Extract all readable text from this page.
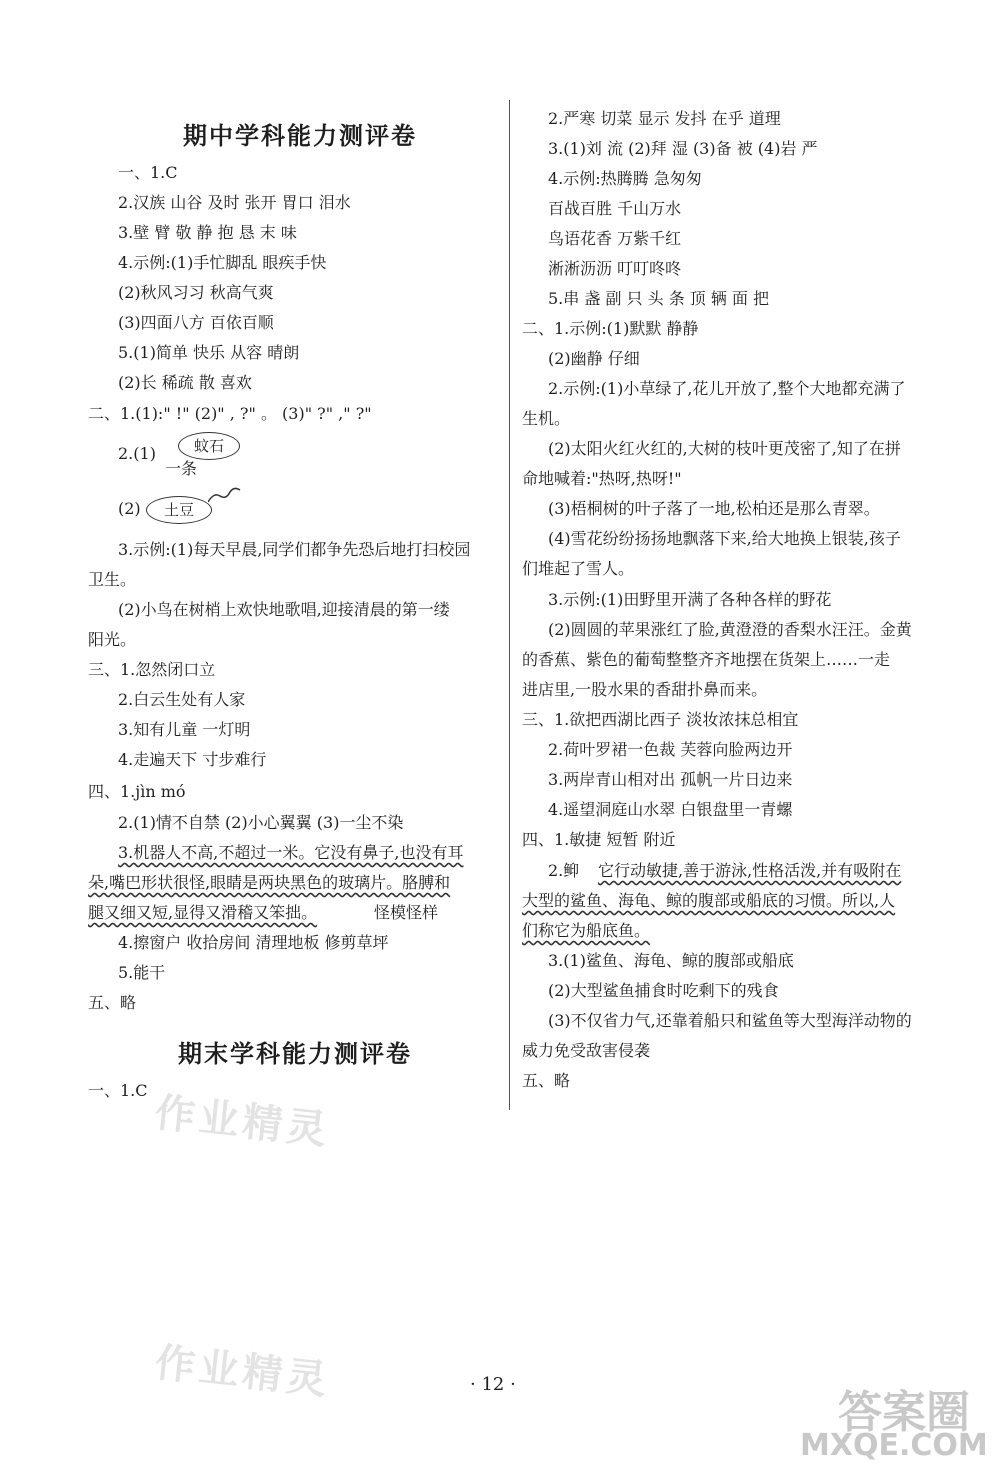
期中学科能力测评卷
一、1.C
2.汉族 山谷 及时 张开 胃口 泪水
3.壁 臂 敬 静 抱 恳 末 味
4.示例:(1)手忙脚乱 眼疾手快
(2)秋风习习 秋高气爽
(3)四面八方 百依百顺
5.(1)简单 快乐 从容 晴朗
(2)长 稀疏 散 喜欢
二、1.(1):" !" (2)" , ?" 。 (3)" ?" ," ?"
2.(1)	蚊石
一条
(2)	土豆
3.示例:(1)每天早晨,同学们都争先恐后地打扫校园
卫生。
(2)小鸟在树梢上欢快地歌唱,迎接清晨的第一缕
阳光。
三、1.忽然闭口立
2.白云生处有人家
3.知有儿童 一灯明
4.走遍天下 寸步难行
四、1.jìn mó
2.(1)情不自禁 (2)小心翼翼 (3)一尘不染
3.机器人不高,不超过一米。它没有鼻子,也没有耳
朵,嘴巴形状很怪,眼睛是两块黑色的玻璃片。胳膊和
腿又细又短,显得又滑稽又笨拙。	怪模怪样
4.擦窗户 收拾房间 清理地板 修剪草坪
5.能干
五、略
期末学科能力测评卷
一、1.C
2.严寒 切菜 显示 发抖 在乎 道理
3.(1)刘 流 (2)拜 湿 (3)备 被 (4)岩 严
4.示例:热腾腾 急匆匆
百战百胜 千山万水
鸟语花香 万紫千红
淅淅沥沥 叮叮咚咚
5.串 盏 副 只 头 条 顶 辆 面 把
二、1.示例:(1)默默 静静
(2)幽静 仔细
2.示例:(1)小草绿了,花儿开放了,整个大地都充满了
生机。
(2)太阳火红火红的,大树的枝叶更茂密了,知了在拼
命地喊着:"热呀,热呀!"
(3)梧桐树的叶子落了一地,松柏还是那么青翠。
(4)雪花纷纷扬扬地飘落下来,给大地换上银装,孩子
们堆起了雪人。
3.示例:(1)田野里开满了各种各样的野花
(2)圆圆的苹果涨红了脸,黄澄澄的香梨水汪汪。金黄
的香蕉、紫色的葡萄整整齐齐地摆在货架上……一走
进店里,一股水果的香甜扑鼻而来。
三、1.欲把西湖比西子 淡妆浓抹总相宜
2.荷叶罗裙一色裁 芙蓉向脸两边开
3.两岸青山相对出 孤帆一片日边来
4.遥望洞庭山水翠 白银盘里一青螺
四、1.敏捷 短暂 附近
2.䲟 它行动敏捷,善于游泳,性格活泼,并有吸附在
大型的鲨鱼、海龟、鲸的腹部或船底的习惯。所以,人
们称它为船底鱼。
3.(1)鲨鱼、海龟、鲸的腹部或船底
(2)大型鲨鱼捕食时吃剩下的残食
(3)不仅省力气,还靠着船只和鲨鱼等大型海洋动物的
威力免受敌害侵袭
五、略
作业精灵
作业精灵
答案圈
MXQE.COM
· 12 ·
